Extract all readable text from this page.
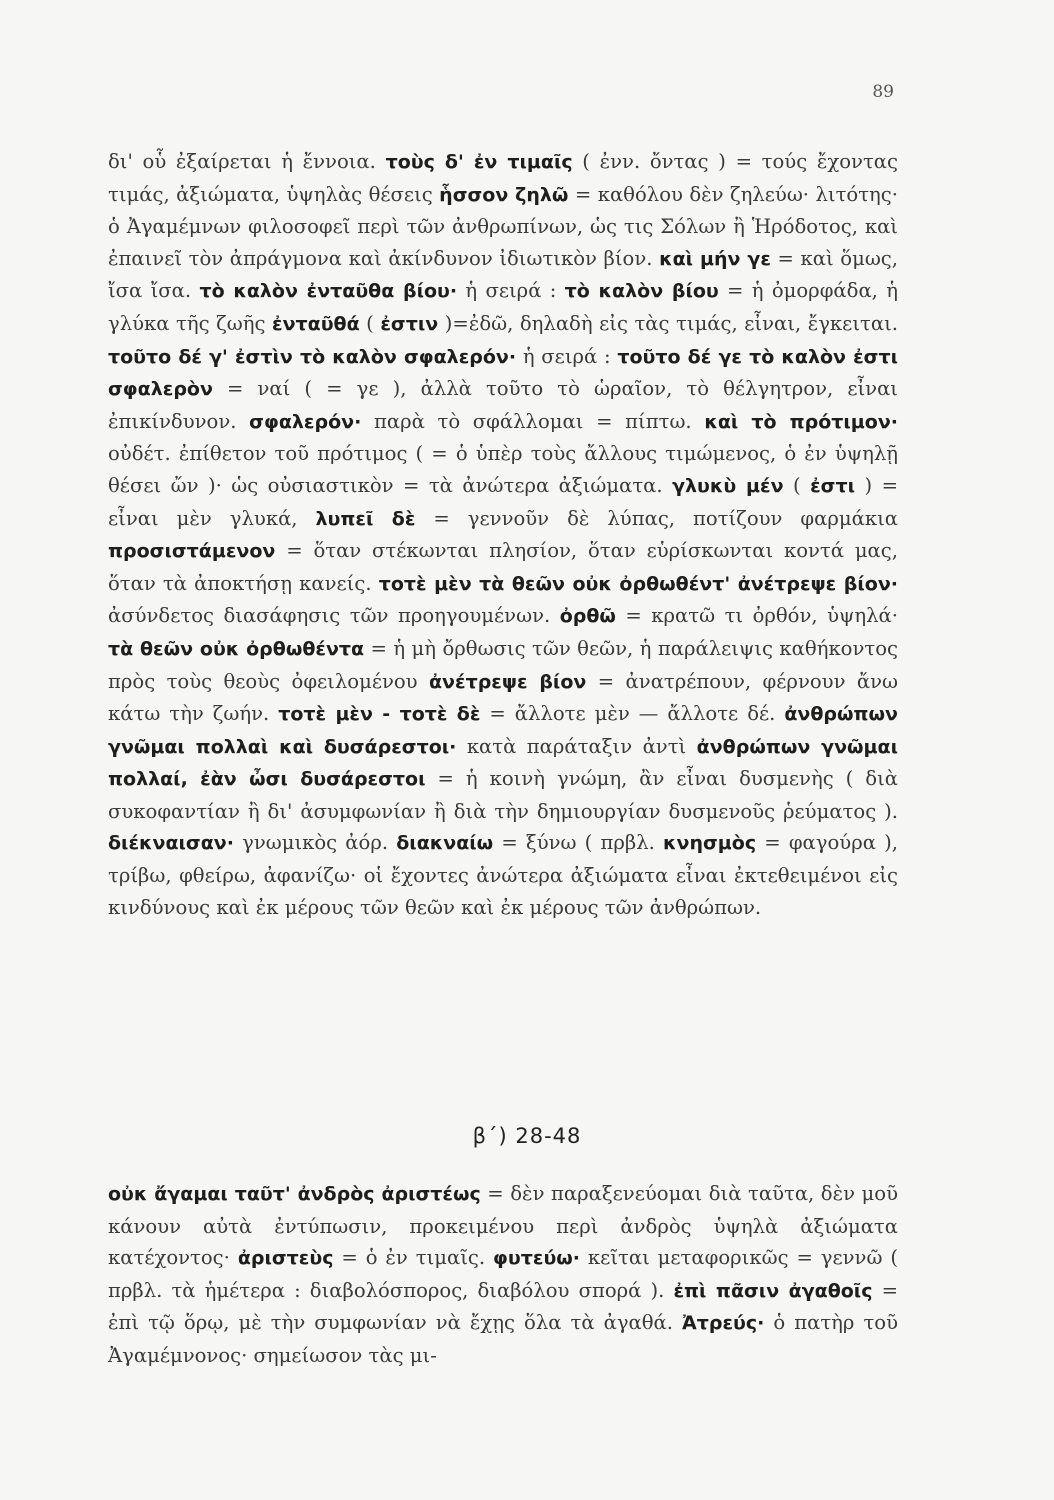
89
δι' οὗ ἐξαίρεται ἡ ἔννοια. τοὺς δ' ἐν τιμαῖς ( ἐνν. ὄντας ) = τούς ἔχοντας τιμάς, ἀξιώματα, ὑψηλὰς θέσεις ἧσσον ζηλῶ = καθόλου δὲν ζηλεύω· λιτότης· ὁ Ἀγαμέμνων φιλοσοφεῖ περὶ τῶν ἀνθρωπίνων, ὡς τις Σόλων ἢ Ἡρόδοτος, καὶ ἐπαινεῖ τὸν ἀπράγμονα καὶ ἀκίνδυνον ἰδιωτικὸν βίον. καὶ μήν γε = καὶ ὅμως, ἴσα ἴσα. τὸ καλὸν ἐνταῦθα βίου· ἡ σειρά : τὸ καλὸν βίου = ἡ ὀμορφάδα, ἡ γλύκα τῆς ζωῆς ἐνταῦθά ( ἐστιν )=ἐδῶ, δηλαδὴ εἰς τὰς τιμάς, εἶναι, ἔγκειται. τοῦτο δέ γ' ἐστὶν τὸ καλὸν σφαλερόν· ἡ σειρά : τοῦτο δέ γε τὸ καλὸν ἐστι σφαλερὸν = ναί ( = γε ), ἀλλὰ τοῦτο τὸ ὡραῖον, τὸ θέλγητρον, εἶναι ἐπικίνδυνον. σφαλερόν· παρὰ τὸ σφάλλομαι = πίπτω. καὶ τὸ πρότιμον· οὐδέτ. ἐπίθετον τοῦ πρότιμος ( = ὁ ὑπὲρ τοὺς ἄλλους τιμώμενος, ὁ ἐν ὑψηλῇ θέσει ὤν )· ὡς οὐσιαστικὸν = τὰ ἀνώτερα ἀξιώματα. γλυκὺ μέν ( ἐστι ) = εἶναι μὲν γλυκά, λυπεῖ δὲ = γεννοῦν δὲ λύπας, ποτίζουν φαρμάκια προσιστάμενον = ὅταν στέκωνται πλησίον, ὅταν εὑρίσκωνται κοντά μας, ὅταν τὰ ἀποκτήσῃ κανείς. τοτὲ μὲν τὰ θεῶν οὐκ ὀρθωθέντ' ἀνέτρεψε βίον· ἀσύνδετος διασάφησις τῶν προηγουμένων. ὀρθῶ = κρατῶ τι ὀρθόν, ὑψηλά· τὰ θεῶν οὐκ ὀρθωθέντα = ἡ μὴ ὄρθωσις τῶν θεῶν, ἡ παράλειψις καθήκοντος πρὸς τοὺς θεοὺς ὀφειλομένου ἀνέτρεψε βίον = ἀνατρέπουν, φέρνουν ἄνω κάτω τὴν ζωήν. τοτὲ μὲν - τοτὲ δὲ = ἄλλοτε μὲν — ἄλλοτε δέ. ἀνθρώπων γνῶμαι πολλαὶ καὶ δυσάρεστοι· κατὰ παράταξιν ἀντὶ ἀνθρώπων γνῶμαι πολλαί, ἐὰν ὦσι δυσάρεστοι = ἡ κοινὴ γνώμη, ἂν εἶναι δυσμενὴς ( διὰ συκοφαντίαν ἢ δι' ἀσυμφωνίαν ἢ διὰ τὴν δημιουργίαν δυσμενοῦς ῥεύματος ). διέκναισαν· γνωμικὸς ἀόρ. διακναίω = ξύνω ( πρβλ. κνησμὸς = φαγούρα ), τρίβω, φθείρω, ἀφανίζω· οἱ ἔχοντες ἀνώτερα ἀξιώματα εἶναι ἐκτεθειμένοι εἰς κινδύνους καὶ ἐκ μέρους τῶν θεῶν καὶ ἐκ μέρους τῶν ἀνθρώπων.
β΄) 28-48
οὐκ ἄγαμαι ταῦτ' ἀνδρὸς ἀριστέως = δὲν παραξενεύομαι διὰ ταῦτα, δὲν μοῦ κάνουν αὐτὰ ἐντύπωσιν, προκειμένου περὶ ἀνδρὸς ὑψηλὰ ἀξιώματα κατέχοντος· ἀριστεὺς = ὁ ἐν τιμαῖς. φυτεύω· κεῖται μεταφορικῶς = γεννῶ ( πρβλ. τὰ ἡμέτερα : διαβολόσπορος, διαβόλου σπορά ). ἐπὶ πᾶσιν ἀγαθοῖς = ἐπὶ τῷ ὅρῳ, μὲ τὴν συμφωνίαν νὰ ἔχῃς ὅλα τὰ ἀγαθά. Ἀτρεύς· ὁ πατὴρ τοῦ Ἀγαμέμνονος· σημείωσον τὰς μι-
